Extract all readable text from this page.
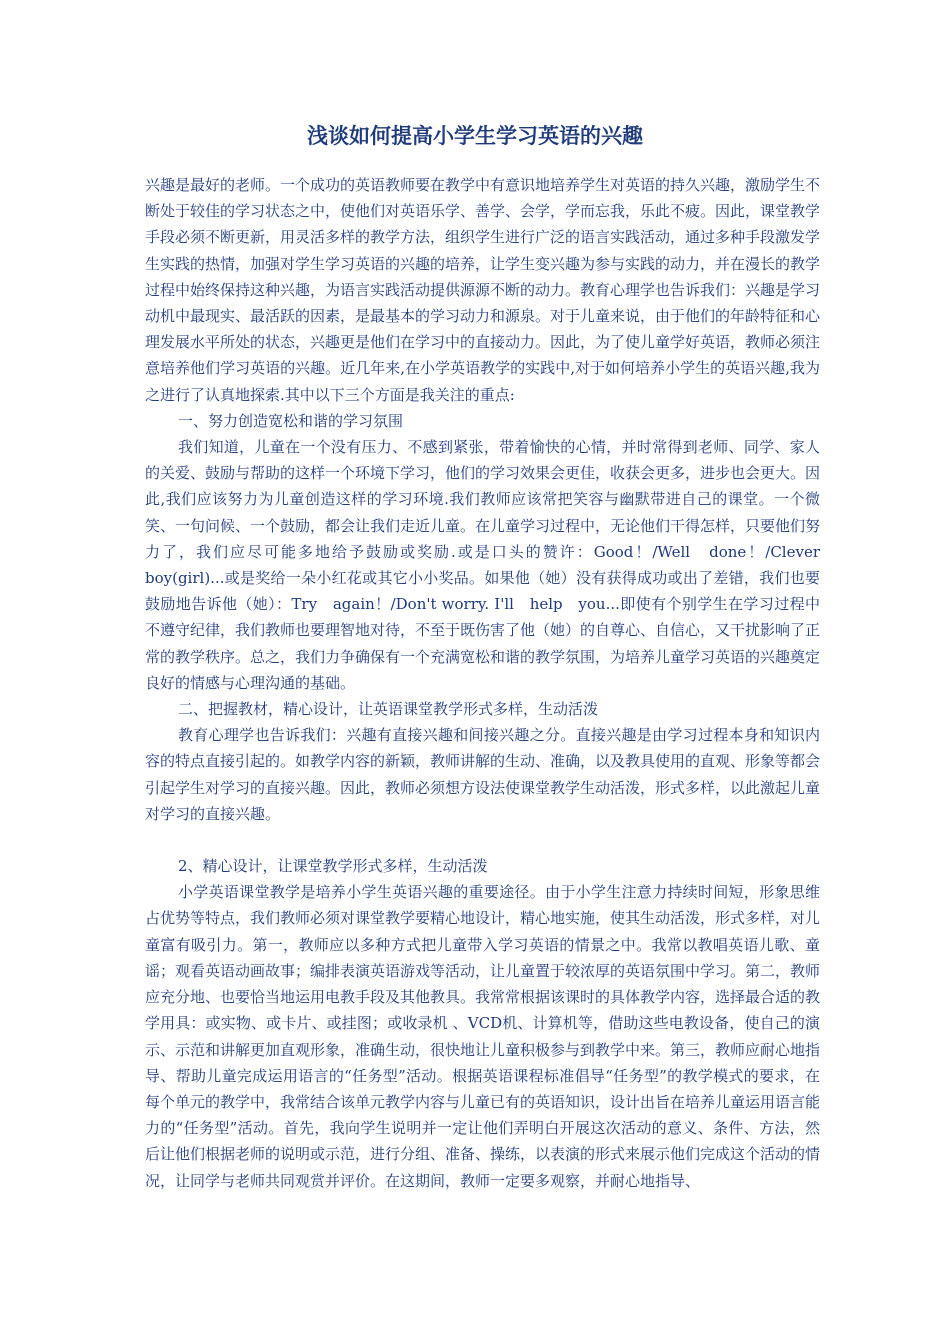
浅谈如何提高小学生学习英语的兴趣

兴趣是最好的老师。一个成功的英语教师要在教学中有意识地培养学生对英语的持久兴趣，激励学生不断处于较佳的学习状态之中，使他们对英语乐学、善学、会学，学而忘我，乐此不疲。因此，课堂教学手段必须不断更新，用灵活多样的教学方法，组织学生进行广泛的语言实践活动，通过多种手段激发学生实践的热情，加强对学生学习英语的兴趣的培养，让学生变兴趣为参与实践的动力，并在漫长的教学过程中始终保持这种兴趣，为语言实践活动提供源源不断的动力。教育心理学也告诉我们：兴趣是学习动机中最现实、最活跃的因素，是最基本的学习动力和源泉。对于儿童来说，由于他们的年龄特征和心理发展水平所处的状态，兴趣更是他们在学习中的直接动力。因此，为了使儿童学好英语，教师必须注意培养他们学习英语的兴趣。近几年来,在小学英语教学的实践中,对于如何培养小学生的英语兴趣,我为之进行了认真地探索.其中以下三个方面是我关注的重点:

一、努力创造宽松和谐的学习氛围

我们知道，儿童在一个没有压力、不感到紧张，带着愉快的心情，并时常得到老师、同学、家人的关爱、鼓励与帮助的这样一个环境下学习，他们的学习效果会更佳，收获会更多，进步也会更大。因此,我们应该努力为儿童创造这样的学习环境.我们教师应该常把笑容与幽默带进自己的课堂。一个微笑、一句问候、一个鼓励，都会让我们走近儿童。在儿童学习过程中，无论他们干得怎样，只要他们努力了，我们应尽可能多地给予鼓励或奖励.或是口头的赞许：Good！/Well　done！/Clever　boy(girl)...或是奖给一朵小红花或其它小小奖品。如果他（她）没有获得成功或出了差错，我们也要鼓励地告诉他（她）：Try　again！/Don't worry. I'll　help　you...即使有个别学生在学习过程中不遵守纪律，我们教师也要理智地对待，不至于既伤害了他（她）的自尊心、自信心，又干扰影响了正常的教学秩序。总之，我们力争确保有一个充满宽松和谐的教学氛围，为培养儿童学习英语的兴趣奠定良好的情感与心理沟通的基础。

二、把握教材，精心设计，让英语课堂教学形式多样，生动活泼

教育心理学也告诉我们：兴趣有直接兴趣和间接兴趣之分。直接兴趣是由学习过程本身和知识内容的特点直接引起的。如教学内容的新颖，教师讲解的生动、准确，以及教具使用的直观、形象等都会引起学生对学习的直接兴趣。因此，教师必须想方设法使课堂教学生动活泼，形式多样，以此激起儿童对学习的直接兴趣。

2、精心设计，让课堂教学形式多样，生动活泼

小学英语课堂教学是培养小学生英语兴趣的重要途径。由于小学生注意力持续时间短，形象思维占优势等特点，我们教师必须对课堂教学要精心地设计，精心地实施，使其生动活泼，形式多样，对儿童富有吸引力。第一，教师应以多种方式把儿童带入学习英语的情景之中。我常以教唱英语儿歌、童谣；观看英语动画故事；编排表演英语游戏等活动，让儿童置于较浓厚的英语氛围中学习。第二，教师应充分地、也要恰当地运用电教手段及其他教具。我常常根据该课时的具体教学内容，选择最合适的教学用具：或实物、或卡片、或挂图；或收录机 、VCD机、计算机等，借助这些电教设备，使自己的演示、示范和讲解更加直观形象，准确生动，很快地让儿童积极参与到教学中来。第三，教师应耐心地指导、帮助儿童完成运用语言的“任务型”活动。根据英语课程标准倡导“任务型”的教学模式的要求，在每个单元的教学中，我常结合该单元教学内容与儿童已有的英语知识，设计出旨在培养儿童运用语言能力的“任务型”活动。首先，我向学生说明并一定让他们弄明白开展这次活动的意义、条件、方法，然后让他们根据老师的说明或示范，进行分组、准备、操练，以表演的形式来展示他们完成这个活动的情况，让同学与老师共同观赏并评价。在这期间，教师一定要多观察，并耐心地指导、
